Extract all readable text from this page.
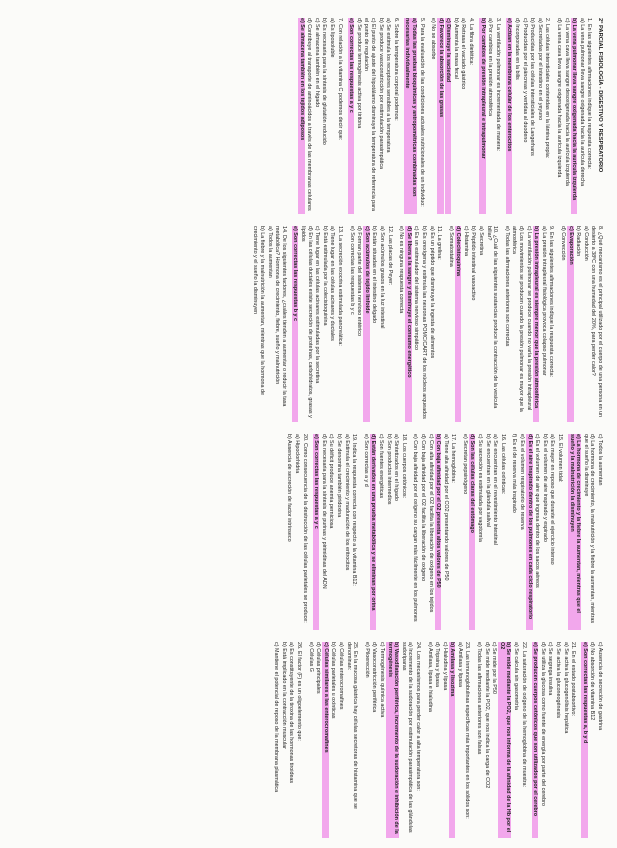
2º PARCIAL FISIOLOGÍA - DIGESTIVO Y RESPIRATORIO

1. En las siguientes afirmaciones indique la respuesta correcta:

a) La vena pulmonar lleva sangre oxigenada hacia la aurícula derecha

b) La vena pulmonar lleva sangre oxigenada hacia la aurícula izquierda

c) La vena cava lleva sangre desoxigenada hacia la aurícula izquierda

d) La vena cava lleva sangre oxigenada hacia la aurícula izquierda

2. Las células intersticiales contenidas en la lámina propia:

a) Secretadas por el intestino en el yeyuno

b) Producidas por las células intersticiales de Langerhans

c) Producidas por el páncreas y vertidas al duodeno

d) Incorporadas en la bilis

e) Actúan en la membrana celular de los enterocitos

3. La ventilación pulmonar es incrementada de manera:

a) Por cambios en la presión atmosférica

b) Por cambios de presión intrapleural e intrapulmonar

4. La fibra dietética:

a) Retrasa el vaciado gástrico

b) Aumenta la masa fecal

c) Disminuye la saciedad

d) Favorece la absorción de las grasas

e) No se absorbe

5. Para la evaluación de las condiciones actuales nutricionales de un individuo:

a) Todas las pruebas bioquímicas y antropométricas combinadas son necesarias individualmente

6. Sobre la temperatura corporal podemos:

a) Se estimula los receptores sensibles a la temperatura

b) Se produce vasoconstricción por estimulación parasimpática

c) El punto de ajuste del hipotálamo disminuye la temperatura de referencia para el punto de regulación

d) Se produce termogénesis activa por tiritona

e) Son correctas las respuestas a y c

7. Con relación a la vitamina C podemos decir que:

a) Es liposoluble

b) Es necesaria para la síntesis de glutatión reducido

c) Se almacena también en el hígado

d) Contribuye al transporte de aminoácidos a través de las membranas celulares

e) Se almacena también en los tejidos adiposos

8. ¿Qué mecanismo es el principal utilizado por el cuerpo de una persona en un desierto a 38ºC con una humedad del 20%, para perder calor?

a) Conducción

b) Radiación

c) Evaporación

d) Convección

9. En las siguientes afirmaciones indique la respuesta correcta:

a) La presión intrapleural fisiológica provoca colapso pulmonar

b) La presión intrapleural es siempre menor que la presión atmosférica

c) La ventilación pulmonar se produce cuando no varía la presión intrapleural

d) Los movimientos se producen cuando la presión pulmonar es mayor que la atmosférica

e) Todas las afirmaciones anteriores son correctas

10. ¿Cuál de las siguientes sustancias produce la contracción de la vesícula biliar?

a) Secretina

b) Péptido intestinal vasoactivo

c) Histamina

d) Colecistoquinina

e) Somatostatina

11. La grelina:

a) Es un péptido que disminuye la ingesta de alimentos

b) Es orexígena y estimula las neuronas POMC/CART de los núcleos arqueados

c) Es un estimulador del sistema nervioso simpático

d) Se libera a la sangre y disminuye el consumo energético

e) No es ninguna respuesta correcta

12. Las placas de Peyer:

a) Son acúmulos grasos en la luz intestinal

b) Están situadas en el intestino delgado

c) Son acúmulos de tejido linfoide

d) Forman parte del sistema nervioso entérico

e) Son correctas las respuestas b y c

13. La secreción exocrina estimulada pancreática:

a) Tiene lugar en las células acinares y ductales

b) Está estimulada por la colecistoquinina

c) Tiene lugar en las células acinares estimuladas por la secretina

d) En las células ductales existe secreción de proteínas, carbohidratos, grasas y lípidos

e) Son correctas las respuestas b y c

14. De los siguientes factores, ¿cuáles tienden a aumentar o reducir la tasa metabólica? Hormona de crecimiento, fiebre, sueño y malnutrición

a) Todos la aumentan

b) La fiebre y la malnutrición la aumentan, mientras que la hormona de crecimiento y el sueño la disminuyen

c) Todos la aumentan

d) La hormona de crecimiento, la malnutrición y la fiebre la aumentan, mientras que el sueño la disminuye

e) La hormona de crecimiento y la fiebre la aumentan, mientras que el sueño y la malnutrición la disminuyen

15. El volumen tidal:

a) Es mayor en reposo que durante el ejercicio intenso

b) Es el volumen de aire inspirado y espirado

c) Es el volumen de aire que ingresa dentro de los sacos aéreos

d) Es el aire inspirado dentro de los pulmones en cada ciclo respiratorio

e) Es el volumen respiratorio de reserva

f) Es el de reserva más inspirado

16. Las células oxínticas:

a) Se encuentran en el revestimiento intestinal

b) Se encuentran en la glándula salival

c) Su secreción es estimulada por vagotomía

d) Son las células claras del estómago

e) Secretan pepsinógeno

17. La hemoglobina:

a) Tiene alta afinidad por el CO2 presentando valores de P50

b) Con baja afinidad por el O2 presenta altos valores de P50

c) Con alta afinidad por el O2 facilita la liberación de oxígeno en los tejidos

d) Con baja afinidad por el O2 facilita la liberación de oxígeno

e) Con baja afinidad por el oxígeno su cargan más fácilmente en los pulmones

18. Los cuerpos cetónicos:

a) Sintetizados en el hígado

b) Son productos intermedios

c) Son fuentes energéticas

d) Están derivados en una prueba metabólica y se eliminan por orina

e) Son correctas a y d

19. Indica la respuesta correcta con respecto a la vitamina B12:

a) Estimula el crecimiento y maduración de los eritrocitos

b) Se denomina también piridoxina

c) Su déficit produce anemia perniciosa

d) Es necesaria para la síntesis de purinas y pirimidinas del ADN

e) Son correctas las respuestas a y c

20. Como consecuencia de la destrucción de las células parietales se produce:

a) Hipoclorhidria

b) Ausencia de secreción de factor intrínseco

c) Ausencia de secreción de gastrina

d) No absorción de vitamina B12

e) Son correctas las respuestas a, b y d

21. En el estado postabsortivo:

a) Se activa la glucogenólisis hepática

b) Se activa la gluconeogénesis

c) Se segrega insulina

d) Se utiliza la glucosa como fuente de energía por parte del cerebro

e) Se producen cuerpos cetónicos que son utilizados por el cerebro

22. La saturación de oxígeno de la hemoglobina de muestra:

a) Se calcula sin gasometría

b) Se mide mediante la PO2, que nos informa de la afinidad de la Hb por el O2

c) Se mide por la P50

d) Se mide mediante la PO2, que nos indica la carga de CO2

e) Todas las afirmaciones anteriores son falsas

23. Las inmunoglobulinas específicas más importantes en los sólidos son:

a) Amilasa y lipasa

b) Amilasa y lisozima

c) Hialudina y lipasa

d) Tripsina y lipasa

e) Amilasa, lipasa e hialudina

24. Los mecanismos para perder calor a alta temperatura son:

a) Incremento de la sudoración por estimulación parasimpática de las glándulas sudoríparas

b) Vasodilatación periférica, incremento de la sudoración e inhibición de la termogénesis

c) Termogénesis química activa

d) Vasoconstricción periférica

e) Piloerección

25. En la mucosa gástrica hay células secretoras de histamina que se denominan:

a) Células enterocromafines

b) Células parietales u oxínticas

c) Células similares a las enterocromafines

d) Células principales

e) Células G

26. El factor (F) es un oligoelemento que:

a) Es constituyente de la tiroxina de las hormonas tiroideas

b) Está implicado en la contracción muscular

c) Mantiene el potencial de reposo de la membrana plasmática
